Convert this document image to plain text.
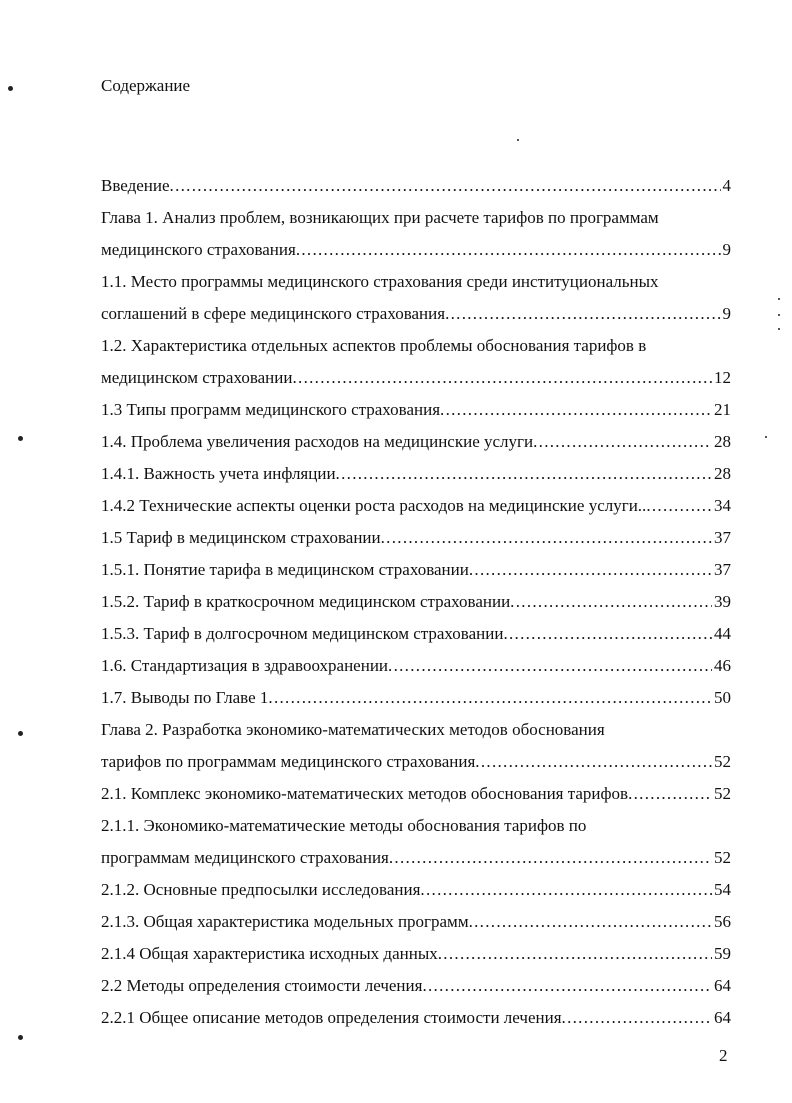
Содержание
Введение .....	4
Глава 1. Анализ проблем, возникающих при расчете тарифов по программам
медицинского страхования .....	9
1.1. Место программы медицинского страхования среди институциональных
соглашений в сфере медицинского страхования .....	9
1.2. Характеристика отдельных аспектов проблемы обоснования тарифов в
медицинском страховании .....	12
1.3 Типы программ медицинского страхования .....	21
1.4. Проблема увеличения расходов на медицинские услуги .....	28
1.4.1. Важность учета инфляции .....	28
1.4.2 Технические аспекты оценки роста расходов на медицинские услуги.. .....	34
1.5 Тариф в медицинском страховании .....	37
1.5.1. Понятие тарифа в медицинском страховании .....	37
1.5.2. Тариф в краткосрочном медицинском страховании .....	39
1.5.3. Тариф в долгосрочном медицинском страховании .....	44
1.6. Стандартизация в здравоохранении .....	46
1.7. Выводы по Главе 1 .....	50
Глава 2. Разработка экономико-математических методов обоснования
тарифов по программам медицинского страхования .....	52
2.1. Комплекс экономико-математических методов обоснования тарифов .....	52
2.1.1. Экономико-математические методы обоснования тарифов по
программам медицинского страхования .....	52
2.1.2. Основные предпосылки исследования .....	54
2.1.3. Общая характеристика модельных программ .....	56
2.1.4 Общая характеристика исходных данных .....	59
2.2 Методы определения стоимости лечения .....	64
2.2.1 Общее описание методов определения стоимости лечения .....	64
2
